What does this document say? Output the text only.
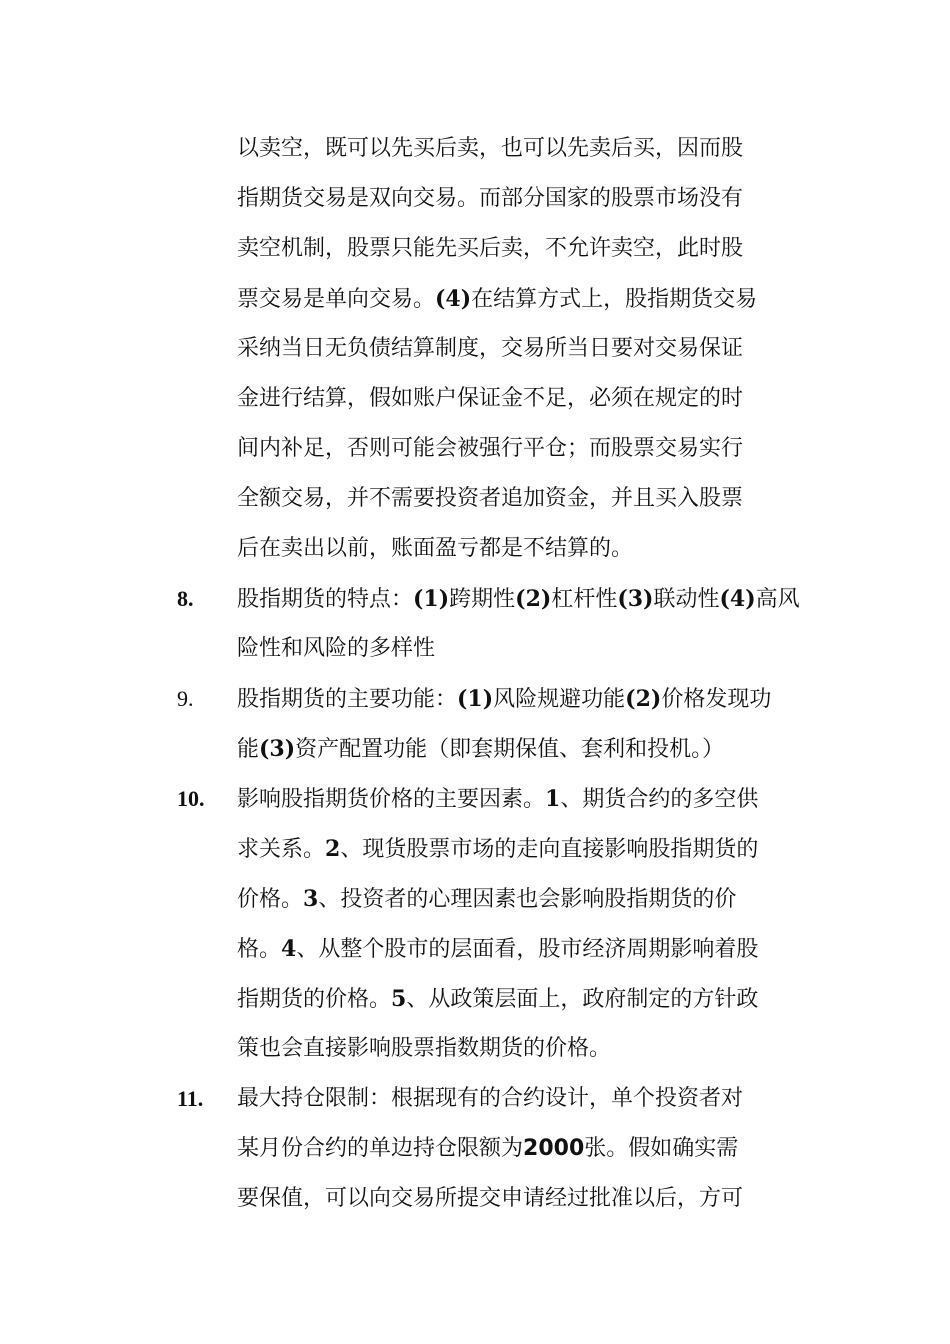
以卖空，既可以先买后卖，也可以先卖后买，因而股
指期货交易是双向交易。而部分国家的股票市场没有
卖空机制，股票只能先买后卖，不允许卖空，此时股
票交易是单向交易。(4)在结算方式上，股指期货交易
采纳当日无负债结算制度，交易所当日要对交易保证
金进行结算，假如账户保证金不足，必须在规定的时
间内补足，否则可能会被强行平仓；而股票交易实行
全额交易，并不需要投资者追加资金，并且买入股票
后在卖出以前，账面盈亏都是不结算的。
8. 股指期货的特点：(1)跨期性(2)杠杆性(3)联动性(4)高风
险性和风险的多样性
9. 股指期货的主要功能：(1)风险规避功能(2)价格发现功
能(3)资产配置功能（即套期保值、套利和投机。）
10. 影响股指期货价格的主要因素。1、期货合约的多空供
求关系。2、现货股票市场的走向直接影响股指期货的
价格。3、投资者的心理因素也会影响股指期货的价
格。4、从整个股市的层面看，股市经济周期影响着股
指期货的价格。5、从政策层面上，政府制定的方针政
策也会直接影响股票指数期货的价格。
11. 最大持仓限制：根据现有的合约设计，单个投资者对
某月份合约的单边持仓限额为2000张。假如确实需
要保值，可以向交易所提交申请经过批准以后，方可
